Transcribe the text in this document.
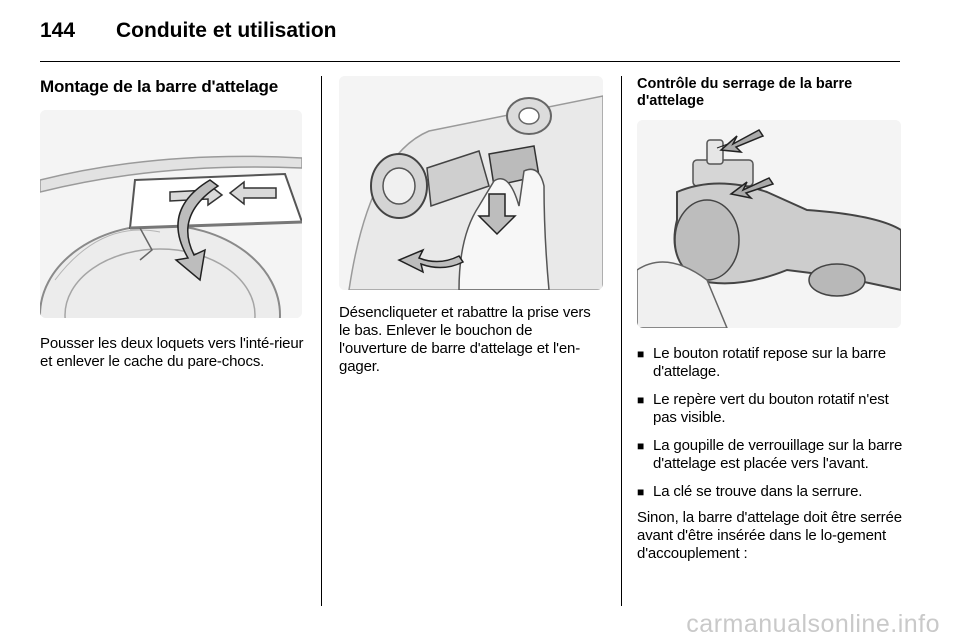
144	Conduite et utilisation
Montage de la barre d'attelage

Pousser les deux loquets vers l'inté-rieur et enlever le cache du pare-chocs.

Désencliqueter et rabattre la prise vers le bas. Enlever le bouchon de l'ouverture de barre d'attelage et l'en-gager.

Contrôle du serrage de la barre d'attelage
■ Le bouton rotatif repose sur la barre d'attelage.
■ Le repère vert du bouton rotatif n'est pas visible.
■ La goupille de verrouillage sur la barre d'attelage est placée vers l'avant.
■ La clé se trouve dans la serrure.

Sinon, la barre d'attelage doit être serrée avant d'être insérée dans le lo-gement d'accouplement :

carmanualsonline.info
